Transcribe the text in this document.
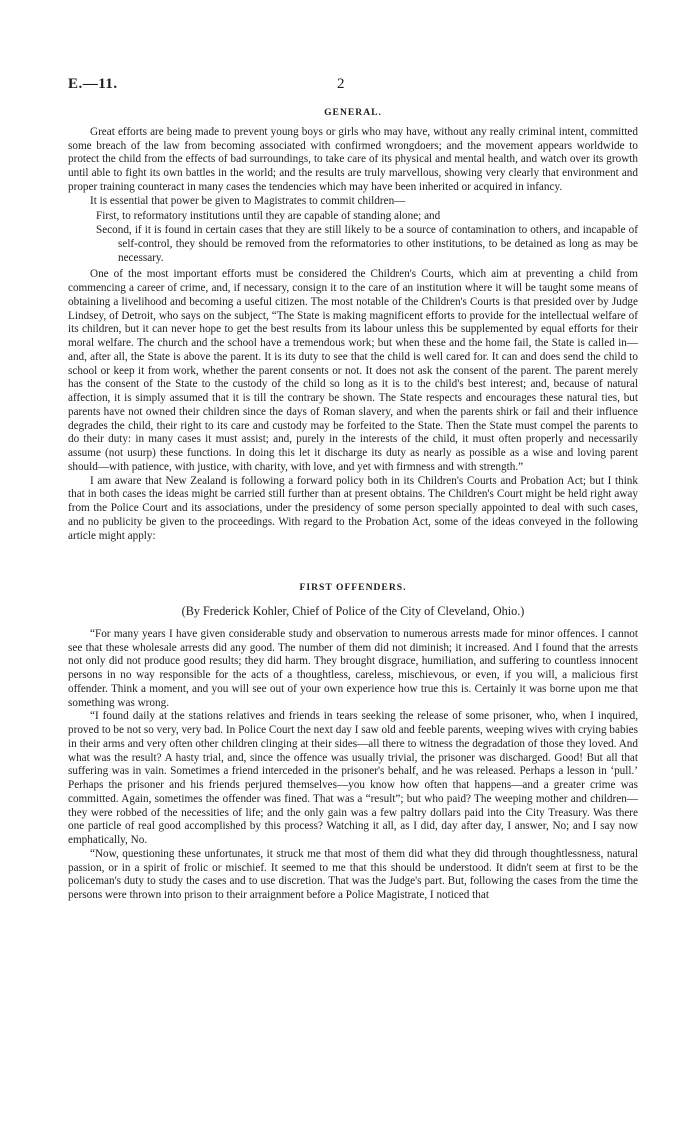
E.—11.	2
GENERAL.

Great efforts are being made to prevent young boys or girls who may have, without any really criminal intent, committed some breach of the law from becoming associated with confirmed wrongdoers; and the movement appears worldwide to protect the child from the effects of bad surroundings, to take care of its physical and mental health, and watch over its growth until able to fight its own battles in the world; and the results are truly marvellous, showing very clearly that environment and proper training counteract in many cases the tendencies which may have been inherited or acquired in infancy.

It is essential that power be given to Magistrates to commit children—

First, to reformatory institutions until they are capable of standing alone; and

Second, if it is found in certain cases that they are still likely to be a source of contamination to others, and incapable of self-control, they should be removed from the reformatories to other institutions, to be detained as long as may be necessary.

One of the most important efforts must be considered the Children's Courts, which aim at preventing a child from commencing a career of crime, and, if necessary, consign it to the care of an institution where it will be taught some means of obtaining a livelihood and becoming a useful citizen. The most notable of the Children's Courts is that presided over by Judge Lindsey, of Detroit, who says on the subject, “The State is making magnificent efforts to provide for the intellectual welfare of its children, but it can never hope to get the best results from its labour unless this be supplemented by equal efforts for their moral welfare. The church and the school have a tremendous work; but when these and the home fail, the State is called in—and, after all, the State is above the parent. It is its duty to see that the child is well cared for. It can and does send the child to school or keep it from work, whether the parent consents or not. It does not ask the consent of the parent. The parent merely has the consent of the State to the custody of the child so long as it is to the child's best interest; and, because of natural affection, it is simply assumed that it is till the contrary be shown. The State respects and encourages these natural ties, but parents have not owned their children since the days of Roman slavery, and when the parents shirk or fail and their influence degrades the child, their right to its care and custody may be forfeited to the State. Then the State must compel the parents to do their duty: in many cases it must assist; and, purely in the interests of the child, it must often properly and necessarily assume (not usurp) these functions. In doing this let it discharge its duty as nearly as possible as a wise and loving parent should—with patience, with justice, with charity, with love, and yet with firmness and with strength.”

I am aware that New Zealand is following a forward policy both in its Children's Courts and Probation Act; but I think that in both cases the ideas might be carried still further than at present obtains. The Children's Court might be held right away from the Police Court and its associations, under the presidency of some person specially appointed to deal with such cases, and no publicity be given to the proceedings. With regard to the Probation Act, some of the ideas conveyed in the following article might apply:

FIRST OFFENDERS.
(By Frederick Kohler, Chief of Police of the City of Cleveland, Ohio.)

“For many years I have given considerable study and observation to numerous arrests made for minor offences. I cannot see that these wholesale arrests did any good. The number of them did not diminish; it increased. And I found that the arrests not only did not produce good results; they did harm. They brought disgrace, humiliation, and suffering to countless innocent persons in no way responsible for the acts of a thoughtless, careless, mischievous, or even, if you will, a malicious first offender. Think a moment, and you will see out of your own experience how true this is. Certainly it was borne upon me that something was wrong.

“I found daily at the stations relatives and friends in tears seeking the release of some prisoner, who, when I inquired, proved to be not so very, very bad. In Police Court the next day I saw old and feeble parents, weeping wives with crying babies in their arms and very often other children clinging at their sides—all there to witness the degradation of those they loved. And what was the result? A hasty trial, and, since the offence was usually trivial, the prisoner was discharged. Good! But all that suffering was in vain. Sometimes a friend interceded in the prisoner's behalf, and he was released. Perhaps a lesson in ‘pull.’ Perhaps the prisoner and his friends perjured themselves—you know how often that happens—and a greater crime was committed. Again, sometimes the offender was fined. That was a “result”; but who paid? The weeping mother and children—they were robbed of the necessities of life; and the only gain was a few paltry dollars paid into the City Treasury. Was there one particle of real good accomplished by this process? Watching it all, as I did, day after day, I answer, No; and I say now emphatically, No.

“Now, questioning these unfortunates, it struck me that most of them did what they did through thoughtlessness, natural passion, or in a spirit of frolic or mischief. It seemed to me that this should be understood. It didn't seem at first to be the policeman's duty to study the cases and to use discretion. That was the Judge's part. But, following the cases from the time the persons were thrown into prison to their arraignment before a Police Magistrate, I noticed that
